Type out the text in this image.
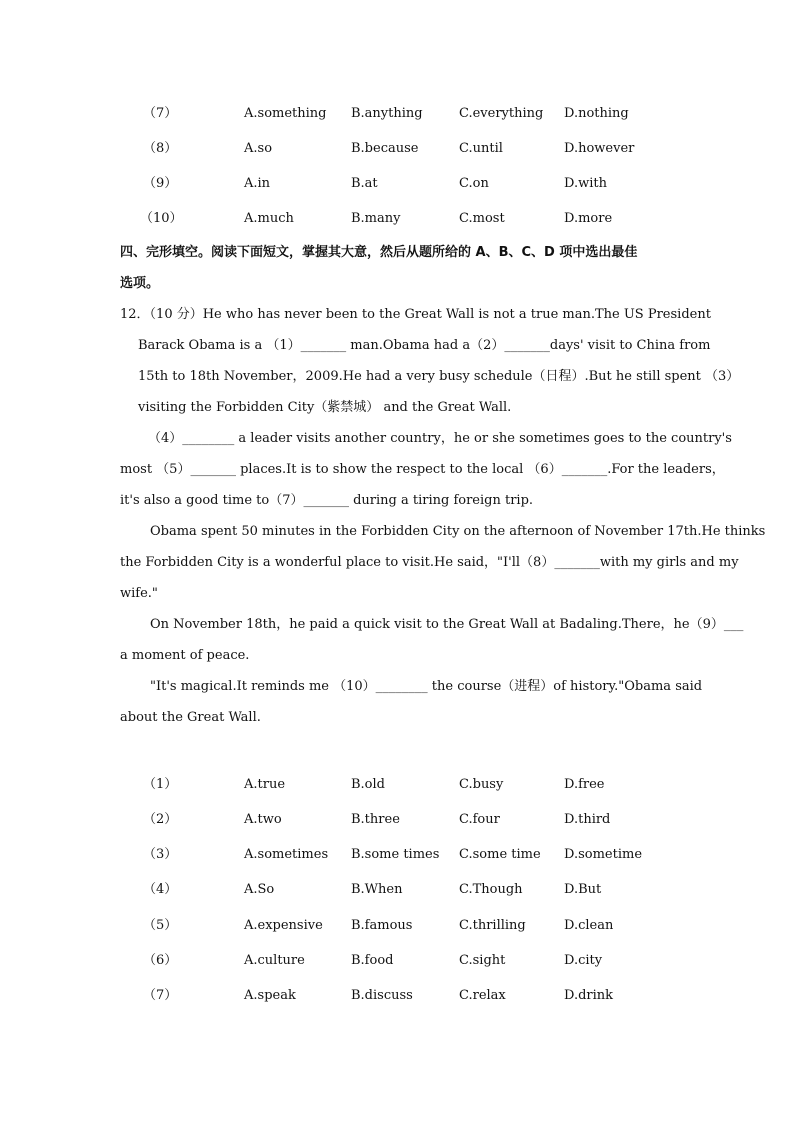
（7）	A.something B.anything	C.everything D.nothing
（8）	A.so	B.because	C.until	D.however
（9）	A.in	B.at	C.on	D.with
（10）	A.much	B.many	C.most	D.more
四、完形填空。阅读下面短文，掌握其大意，然后从题所给的 A、B、C、D 项中选出最佳
选项。
12．（10 分）He who has never been to the Great Wall is not a true man.The US President
Barack Obama is a （1）_______ man.Obama had a（2）_______days' visit to China from
15th to 18th November，2009.He had a very busy schedule（日程）.But he still spent （3）
visiting the Forbidden City（紫禁城） and the Great Wall.
（4）________ a leader visits another country，he or she sometimes goes to the country's
most （5）_______ places.It is to show the respect to the local （6）_______.For the leaders，
it's also a good time to（7）_______ during a tiring foreign trip.
Obama spent 50 minutes in the Forbidden City on the afternoon of November 17th.He thinks
the Forbidden City is a wonderful place to visit.He said，"I'll（8）_______with my girls and my
wife."
On November 18th，he paid a quick visit to the Great Wall at Badaling.There，he（9）___
a moment of peace.
"It's magical.It reminds me （10）________ the course（进程）of history."Obama said
about the Great Wall.
（1）	A.true	B.old	C.busy	D.free
（2）	A.two	B.three	C.four	D.third
（3）	A.sometimes B.some times C.some time D.sometime
（4）	A.So	B.When	C.Though	D.But
（5）	A.expensive B.famous	C.thrilling	D.clean
（6）	A.culture	B.food	C.sight	D.city
（7）	A.speak	B.discuss	C.relax	D.drink
